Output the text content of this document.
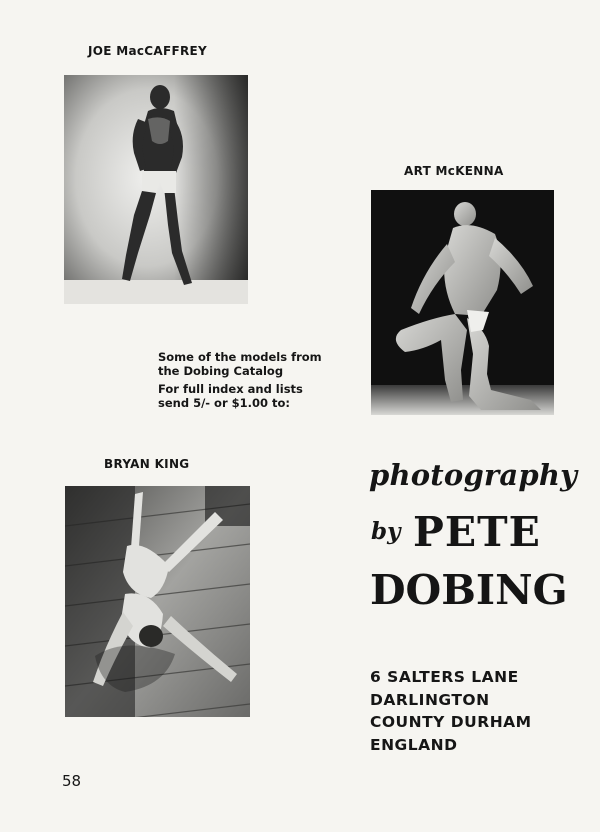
JOE MacCAFFREY
ART McKENNA

Some of the models from

the Dobing Catalog

For full index and lists

send 5/- or $1.00 to:

BRYAN KING	photography
by PETE
DOBING
6 SALTERS LANE
DARLINGTON
COUNTY DURHAM
ENGLAND
58
